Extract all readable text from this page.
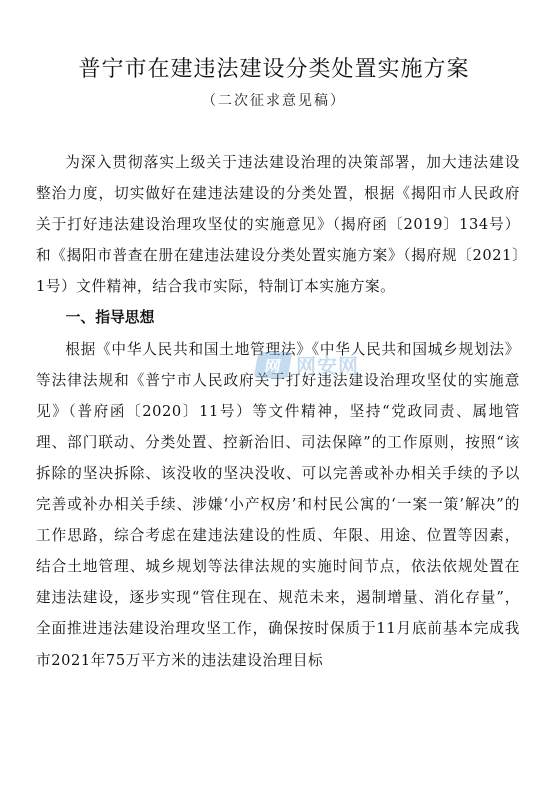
普宁市在建违法建设分类处置实施方案
（二次征求意见稿）

为深入贯彻落实上级关于违法建设治理的决策部署，加大违法建设整治力度，切实做好在建违法建设的分类处置，根据《揭阳市人民政府关于打好违法建设治理攻坚仗的实施意见》（揭府函〔2019〕134号）和《揭阳市普查在册在建违法建设分类处置实施方案》（揭府规〔2021〕1号）文件精神，结合我市实际，特制订本实施方案。

一、指导思想

根据《中华人民共和国土地管理法》《中华人民共和国城乡规划法》等法律法规和《普宁市人民政府关于打好违法建设治理攻坚仗的实施意见》（普府函〔2020〕11号）等文件精神，坚持“党政同责、属地管理、部门联动、分类处置、控新治旧、司法保障”的工作原则，按照“该拆除的坚决拆除、该没收的坚决没收、可以完善或补办相关手续的予以完善或补办相关手续、涉嫌‘小产权房’和村民公寓的‘一案一策’解决”的工作思路，综合考虑在建违法建设的性质、年限、用途、位置等因素，结合土地管理、城乡规划等法律法规的实施时间节点，依法依规处置在建违法建设，逐步实现“管住现在、规范未来，遏制增量、消化存量”，全面推进违法建设治理攻坚工作，确保按时保质于11月底前基本完成我市2021年75万平方米的违法建设治理目标

网 网安网
